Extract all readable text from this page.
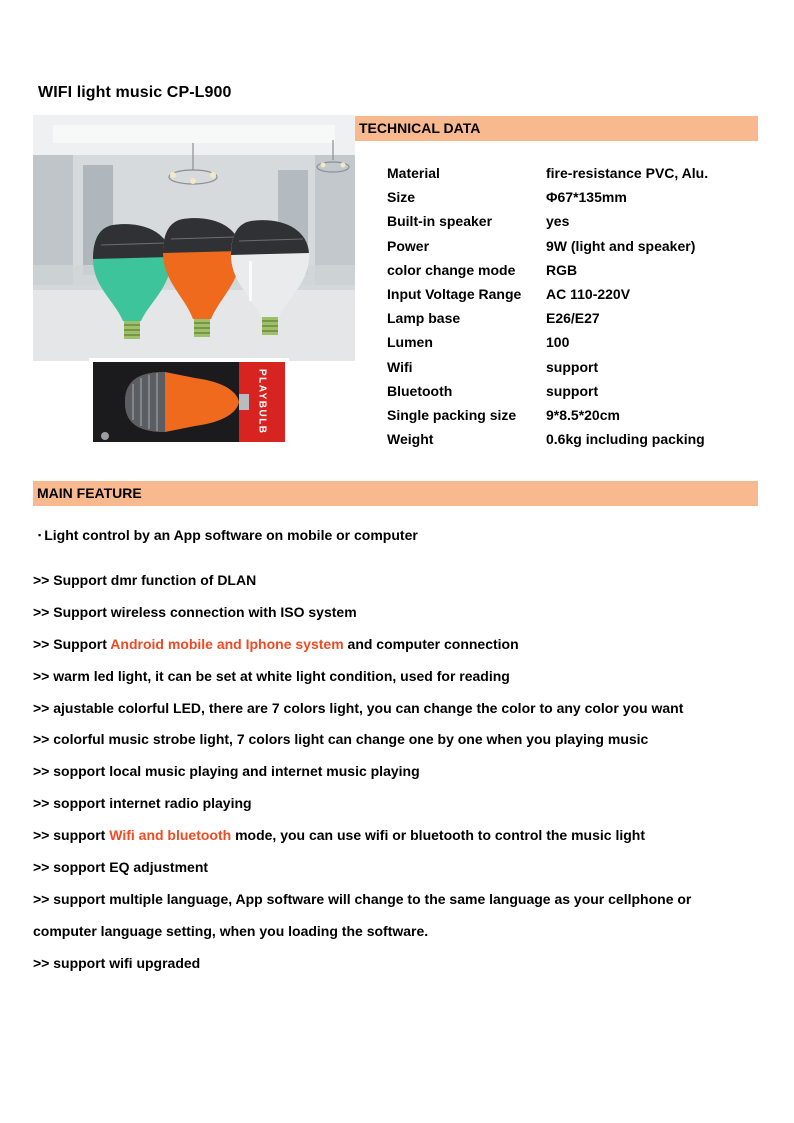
WIFI light music CP-L900
PLAYBULB
TECHNICAL DATA
Material	fire-resistance PVC, Alu.
Size	Φ67*135mm
Built-in speaker	yes
Power	9W (light and speaker)
color change mode	RGB
Input Voltage Range	AC 110-220V
Lamp base	E26/E27
Lumen	100
Wifi	support
Bluetooth	support
Single packing size	9*8.5*20cm
Weight	0.6kg including packing
MAIN FEATURE
▪ Light control by an App software on mobile or computer
>> Support dmr function of DLAN
>> Support wireless connection with ISO system
>> Support Android mobile and Iphone system and computer connection
>> warm led light, it can be set at white light condition, used for reading
>> ajustable colorful LED, there are 7 colors light, you can change the color to any color you want
>> colorful music strobe light, 7 colors light can change one by one when you playing music
>> sopport local music playing and internet music playing
>> sopport internet radio playing
>> support Wifi and bluetooth mode, you can use wifi or bluetooth to control the music light
>> sopport EQ adjustment
>> support multiple language, App software will change to the same language as your cellphone or
computer language setting, when you loading the software.
>> support wifi upgraded
